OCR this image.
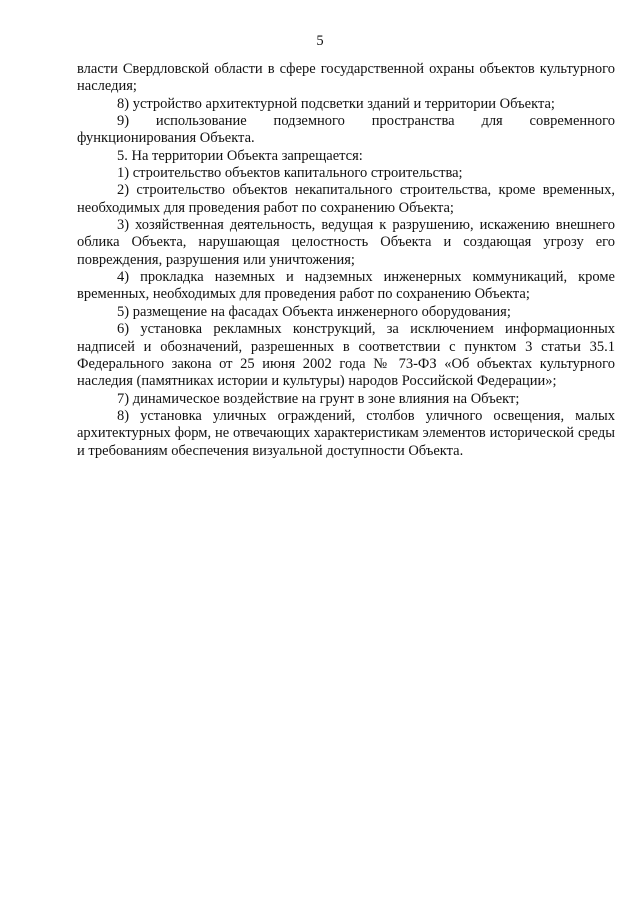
5

власти Свердловской области в сфере государственной охраны объектов культурного наследия;

8) устройство архитектурной подсветки зданий и территории Объекта;

9) использование подземного пространства для современного функционирования Объекта.

5. На территории Объекта запрещается:

1) строительство объектов капитального строительства;

2) строительство объектов некапитального строительства, кроме временных, необходимых для проведения работ по сохранению Объекта;

3) хозяйственная деятельность, ведущая к разрушению, искажению внешнего облика Объекта, нарушающая целостность Объекта и создающая угрозу его повреждения, разрушения или уничтожения;

4) прокладка наземных и надземных инженерных коммуникаций, кроме временных, необходимых для проведения работ по сохранению Объекта;

5) размещение на фасадах Объекта инженерного оборудования;

6) установка рекламных конструкций, за исключением информационных надписей и обозначений, разрешенных в соответствии с пунктом 3 статьи 35.1 Федерального закона от 25 июня 2002 года № 73-ФЗ «Об объектах культурного наследия (памятниках истории и культуры) народов Российской Федерации»;

7) динамическое воздействие на грунт в зоне влияния на Объект;

8) установка уличных ограждений, столбов уличного освещения, малых архитектурных форм, не отвечающих характеристикам элементов исторической среды и требованиям обеспечения визуальной доступности Объекта.
